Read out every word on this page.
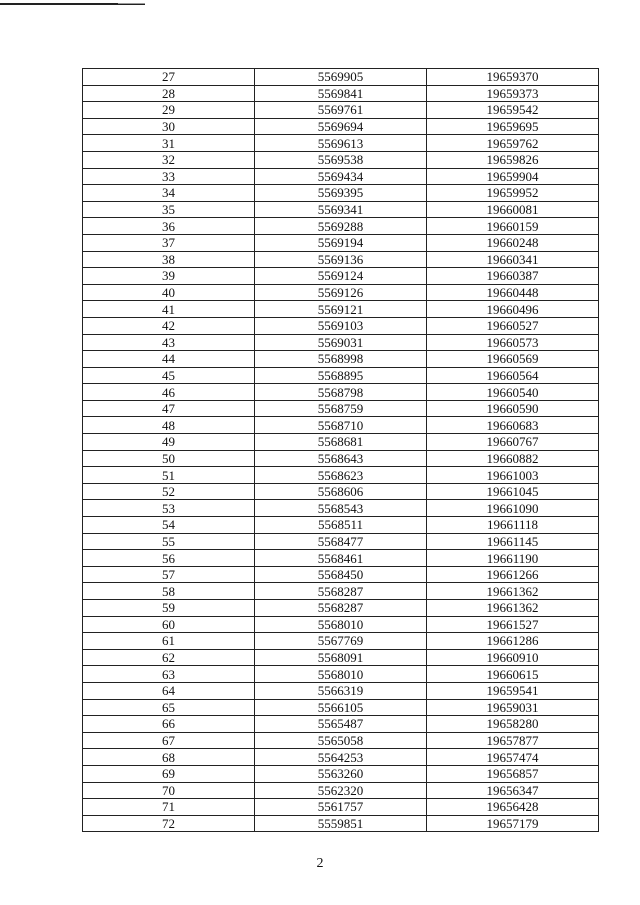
27	5569905	19659370
28	5569841	19659373
29	5569761	19659542
30	5569694	19659695
31	5569613	19659762
32	5569538	19659826
33	5569434	19659904
34	5569395	19659952
35	5569341	19660081
36	5569288	19660159
37	5569194	19660248
38	5569136	19660341
39	5569124	19660387
40	5569126	19660448
41	5569121	19660496
42	5569103	19660527
43	5569031	19660573
44	5568998	19660569
45	5568895	19660564
46	5568798	19660540
47	5568759	19660590
48	5568710	19660683
49	5568681	19660767
50	5568643	19660882
51	5568623	19661003
52	5568606	19661045
53	5568543	19661090
54	5568511	19661118
55	5568477	19661145
56	5568461	19661190
57	5568450	19661266
58	5568287	19661362
59	5568287	19661362
60	5568010	19661527
61	5567769	19661286
62	5568091	19660910
63	5568010	19660615
64	5566319	19659541
65	5566105	19659031
66	5565487	19658280
67	5565058	19657877
68	5564253	19657474
69	5563260	19656857
70	5562320	19656347
71	5561757	19656428
72	5559851	19657179
2
